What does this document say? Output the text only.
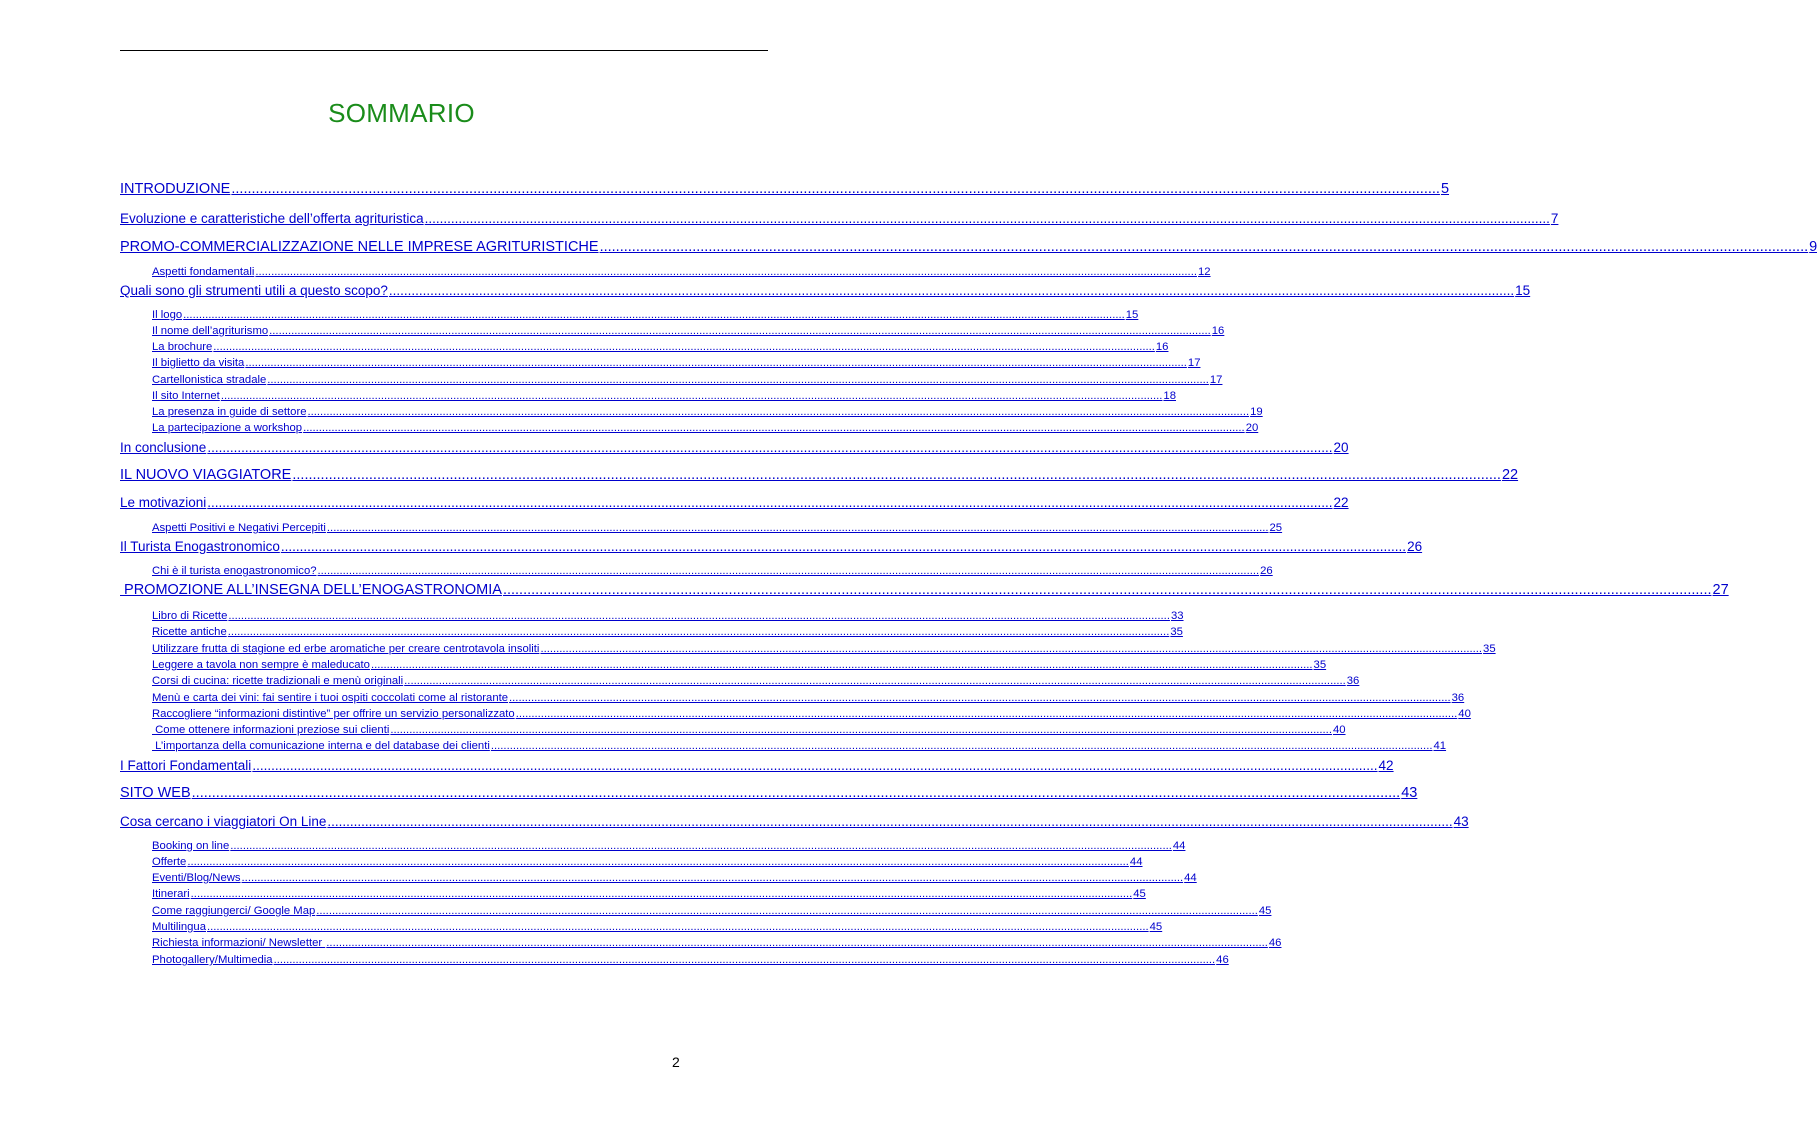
SOMMARIO
INTRODUZIONE ............................................................................................................................................................................................................................................................................................................ 5
Evoluzione e caratteristiche dell’offerta agrituristica ............................................................................................................................................................................................................................................................................................................ 7
PROMO-COMMERCIALIZZAZIONE NELLE IMPRESE AGRITURISTICHE ............................................................................................................................................................................................................................................................................................................ 9
Aspetti fondamentali ............................................................................................................................................................................................................................................................................................................ 12
Quali sono gli strumenti utili a questo scopo? ............................................................................................................................................................................................................................................................................................................ 15
Il logo ............................................................................................................................................................................................................................................................................................................ 15
Il nome dell’agriturismo ............................................................................................................................................................................................................................................................................................................ 16
La brochure ............................................................................................................................................................................................................................................................................................................ 16
Il biglietto da visita ............................................................................................................................................................................................................................................................................................................ 17
Cartellonistica stradale ............................................................................................................................................................................................................................................................................................................ 17
Il sito Internet ............................................................................................................................................................................................................................................................................................................ 18
La presenza in guide di settore ............................................................................................................................................................................................................................................................................................................ 19
La partecipazione a workshop ............................................................................................................................................................................................................................................................................................................ 20
In conclusione ............................................................................................................................................................................................................................................................................................................ 20
IL NUOVO VIAGGIATORE ............................................................................................................................................................................................................................................................................................................ 22
Le motivazioni ............................................................................................................................................................................................................................................................................................................ 22
Aspetti Positivi e Negativi Percepiti ............................................................................................................................................................................................................................................................................................................ 25
Il Turista Enogastronomico ............................................................................................................................................................................................................................................................................................................ 26
Chi è il turista enogastronomico? ............................................................................................................................................................................................................................................................................................................ 26
PROMOZIONE ALL’INSEGNA DELL’ENOGASTRONOMIA ............................................................................................................................................................................................................................................................................................................ 27
Libro di Ricette ............................................................................................................................................................................................................................................................................................................ 33
Ricette antiche ............................................................................................................................................................................................................................................................................................................ 35
Utilizzare frutta di stagione ed erbe aromatiche per creare centrotavola insoliti ............................................................................................................................................................................................................................................................................................................ 35
Leggere a tavola non sempre è maleducato ............................................................................................................................................................................................................................................................................................................ 35
Corsi di cucina: ricette tradizionali e menù originali ............................................................................................................................................................................................................................................................................................................ 36
Menù e carta dei vini: fai sentire i tuoi ospiti coccolati come al ristorante ............................................................................................................................................................................................................................................................................................................ 36
Raccogliere “informazioni distintive” per offrire un servizio personalizzato ............................................................................................................................................................................................................................................................................................................ 40
Come ottenere informazioni preziose sui clienti ............................................................................................................................................................................................................................................................................................................ 40
L’importanza della comunicazione interna e del database dei clienti ............................................................................................................................................................................................................................................................................................................ 41
I Fattori Fondamentali ............................................................................................................................................................................................................................................................................................................ 42
SITO WEB ............................................................................................................................................................................................................................................................................................................ 43
Cosa cercano i viaggiatori On Line ............................................................................................................................................................................................................................................................................................................ 43
Booking on line ............................................................................................................................................................................................................................................................................................................ 44
Offerte ............................................................................................................................................................................................................................................................................................................ 44
Eventi/Blog/News ............................................................................................................................................................................................................................................................................................................ 44
Itinerari ............................................................................................................................................................................................................................................................................................................ 45
Come raggiungerci/ Google Map ............................................................................................................................................................................................................................................................................................................ 45
Multilingua ............................................................................................................................................................................................................................................................................................................ 45
Richiesta informazioni/ Newsletter ............................................................................................................................................................................................................................................................................................................ 46
Photogallery/Multimedia ............................................................................................................................................................................................................................................................................................................ 46
2
